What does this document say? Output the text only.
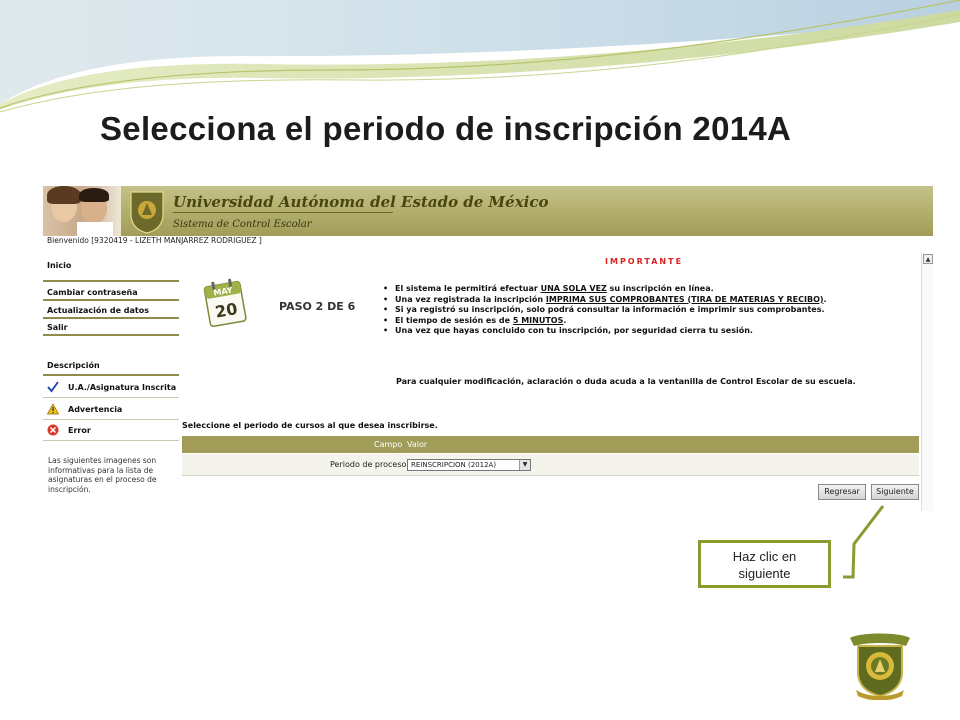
Selecciona el periodo de inscripción 2014A
Universidad Autónoma del Estado de México
Sistema de Control Escolar
Bienvenido [9320419 - LIZETH MANJARREZ RODRIGUEZ ]
Inicio
Cambiar contraseña
Actualización de datos
Salir
Descripción
U.A./Asignatura Inscrita
Advertencia
Error
Las siguientes imagenes son informativas para la lista de asignaturas en el proceso de inscripción.
IMPORTANTE
MAY
20	PASO 2 DE 6
• El sistema le permitirá efectuar UNA SOLA VEZ su inscripción en línea.
• Una vez registrada la inscripción IMPRIMA SUS COMPROBANTES (TIRA DE MATERIAS Y RECIBO).
• Si ya registró su inscripción, solo podrá consultar la información e imprimir sus comprobantes.
• El tiempo de sesión es de 5 MINUTOS.
• Una vez que hayas concluido con tu inscripción, por seguridad cierra tu sesión.
Para cualquier modificación, aclaración o duda acuda a la ventanilla de Control Escolar de su escuela.
Seleccione el periodo de cursos al que desea inscribirse.
Campo Valor
Periodo de proceso REINSCRIPCION (2012A)	▼
Regresar	Siguiente
▲
Haz clic en
siguiente
